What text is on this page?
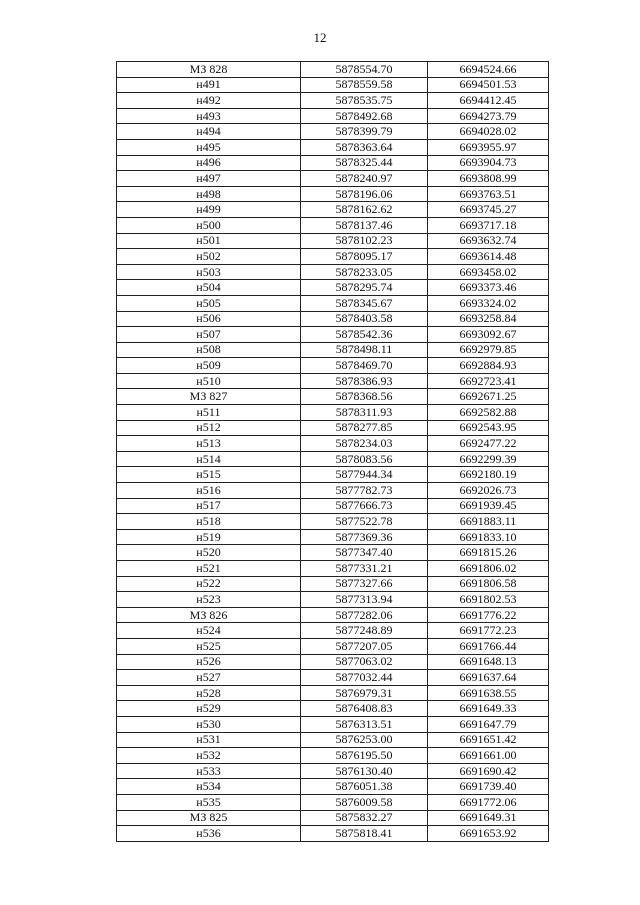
12
МЗ 828	5878554.70	6694524.66
н491	5878559.58	6694501.53
н492	5878535.75	6694412.45
н493	5878492.68	6694273.79
н494	5878399.79	6694028.02
н495	5878363.64	6693955.97
н496	5878325.44	6693904.73
н497	5878240.97	6693808.99
н498	5878196.06	6693763.51
н499	5878162.62	6693745.27
н500	5878137.46	6693717.18
н501	5878102.23	6693632.74
н502	5878095.17	6693614.48
н503	5878233.05	6693458.02
н504	5878295.74	6693373.46
н505	5878345.67	6693324.02
н506	5878403.58	6693258.84
н507	5878542.36	6693092.67
н508	5878498.11	6692979.85
н509	5878469.70	6692884.93
н510	5878386.93	6692723.41
МЗ 827	5878368.56	6692671.25
н511	5878311.93	6692582.88
н512	5878277.85	6692543.95
н513	5878234.03	6692477.22
н514	5878083.56	6692299.39
н515	5877944.34	6692180.19
н516	5877782.73	6692026.73
н517	5877666.73	6691939.45
н518	5877522.78	6691883.11
н519	5877369.36	6691833.10
н520	5877347.40	6691815.26
н521	5877331.21	6691806.02
н522	5877327.66	6691806.58
н523	5877313.94	6691802.53
МЗ 826	5877282.06	6691776.22
н524	5877248.89	6691772.23
н525	5877207.05	6691766.44
н526	5877063.02	6691648.13
н527	5877032.44	6691637.64
н528	5876979.31	6691638.55
н529	5876408.83	6691649.33
н530	5876313.51	6691647.79
н531	5876253.00	6691651.42
н532	5876195.50	6691661.00
н533	5876130.40	6691690.42
н534	5876051.38	6691739.40
н535	5876009.58	6691772.06
МЗ 825	5875832.27	6691649.31
н536	5875818.41	6691653.92
